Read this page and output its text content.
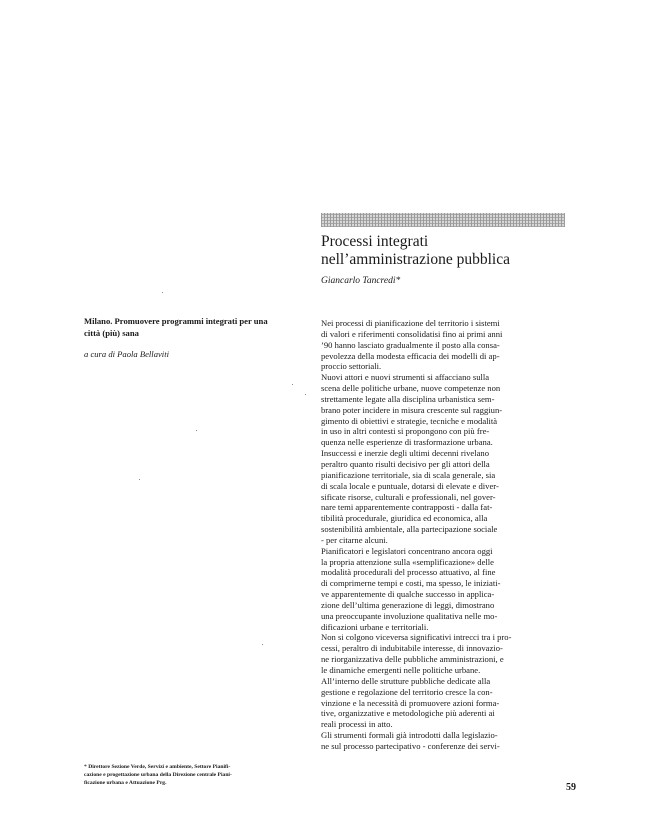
Processi integrati
nell’amministrazione pubblica
Giancarlo Tancredi*
Milano. Promuovere programmi integrati per una
città (più) sana
a cura di Paola Bellaviti
Nei processi di pianificazione del territorio i sistemi
di valori e riferimenti consolidatisi fino ai primi anni
’90 hanno lasciato gradualmente il posto alla consa-
pevolezza della modesta efficacia dei modelli di ap-
proccio settoriali.
Nuovi attori e nuovi strumenti si affacciano sulla
scena delle politiche urbane, nuove competenze non
strettamente legate alla disciplina urbanistica sem-
brano poter incidere in misura crescente sul raggiun-
gimento di obiettivi e strategie, tecniche e modalità
in uso in altri contesti si propongono con più fre-
quenza nelle esperienze di trasformazione urbana.
Insuccessi e inerzie degli ultimi decenni rivelano
peraltro quanto risulti decisivo per gli attori della
pianificazione territoriale, sia di scala generale, sia
di scala locale e puntuale, dotarsi di elevate e diver-
sificate risorse, culturali e professionali, nel gover-
nare temi apparentemente contrapposti - dalla fat-
tibilità procedurale, giuridica ed economica, alla
sostenibilità ambientale, alla partecipazione sociale
- per citarne alcuni.
Pianificatori e legislatori concentrano ancora oggi
la propria attenzione sulla «semplificazione» delle
modalità procedurali del processo attuativo, al fine
di comprimerne tempi e costi, ma spesso, le iniziati-
ve apparentemente di qualche successo in applica-
zione dell’ultima generazione di leggi, dimostrano
una preoccupante involuzione qualitativa nelle mo-
dificazioni urbane e territoriali.
Non si colgono viceversa significativi intrecci tra i pro-
cessi, peraltro di indubitabile interesse, di innovazio-
ne riorganizzativa delle pubbliche amministrazioni, e
le dinamiche emergenti nelle politiche urbane.
All’interno delle strutture pubbliche dedicate alla
gestione e regolazione del territorio cresce la con-
vinzione e la necessità di promuovere azioni forma-
tive, organizzative e metodologiche più aderenti ai
reali processi in atto.
Gli strumenti formali già introdotti dalla legislazio-
ne sul processo partecipativo - conferenze dei servi-
* Direttore Sezione Verde, Servizi e ambiente, Settore Pianifi-
cazione e progettazione urbana della Direzione centrale Piani-
ficazione urbana e Attuazione Prg.	59
